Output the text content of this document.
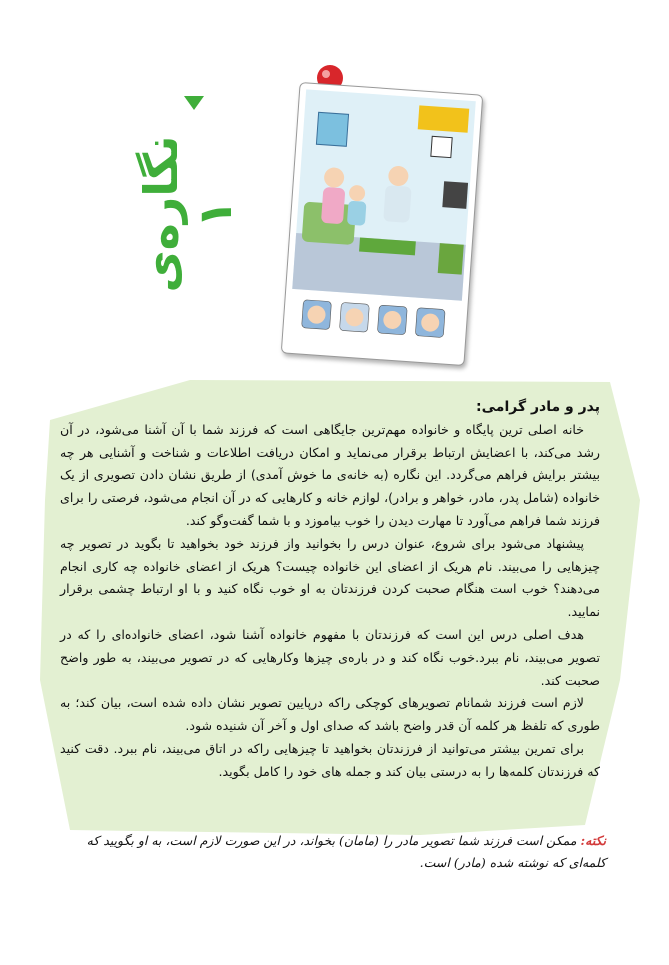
نگاره‌ی ۱

پدر و مادر گرامی:

خانه اصلی ترین پایگاه و خانواده مهم‌ترین جایگاهی است که فرزند شما با آن آشنا می‌شود، در آن رشد می‌کند، با اعضایش ارتباط برقرار می‌نماید و امکان دریافت اطلاعات و شناخت و آشنایی هر چه بیشتر برایش فراهم می‌گردد. این نگاره (به خانه‌ی ما خوش آمدی) از طریق نشان دادن تصویری از یک خانواده (شامل پدر، مادر، خواهر و برادر)، لوازم خانه و کارهایی که در آن انجام می‌شود، فرصتی را برای فرزند شما فراهم می‌آورد تا مهارت دیدن را خوب بیاموزد و با شما گفت‌وگو کند.

پیشنهاد می‌شود برای شروع، عنوان درس را بخوانید واز فرزند خود بخواهید تا بگوید در تصویر چه چیزهایی را می‌بیند. نام هریک از اعضای این خانواده چیست؟ هریک از اعضای خانواده چه کاری انجام می‌دهند؟ خوب است هنگام صحبت کردن فرزندتان به او خوب نگاه کنید و با او ارتباط چشمی برقرار نمایید.

هدف اصلی درس این است که فرزندتان با مفهوم خانواده آشنا شود، اعضای خانواده‌ای را که در تصویر می‌بیند، نام ببرد.خوب نگاه کند و در باره‌ی چیزها وکارهایی که در تصویر می‌بیند، به طور واضح صحبت کند.

لازم است فرزند شمانام تصویرهای کوچکی راکه درپایین تصویر نشان داده شده است، بیان کند؛ به طوری که تلفظ هر کلمه آن قدر واضح باشد که صدای اول و آخر آن شنیده شود.

برای تمرین بیشتر می‌توانید از فرزندتان بخواهید تا چیزهایی راکه در اتاق می‌بیند، نام ببرد. دقت کنید که فرزندتان کلمه‌ها را به درستی بیان کند و جمله های خود را کامل بگوید.

نکته: ممکن است فرزند شما تصویر مادر را (مامان) بخواند، در این صورت لازم است، به او بگویید که کلمه‌ای که نوشته شده (مادر) است.
